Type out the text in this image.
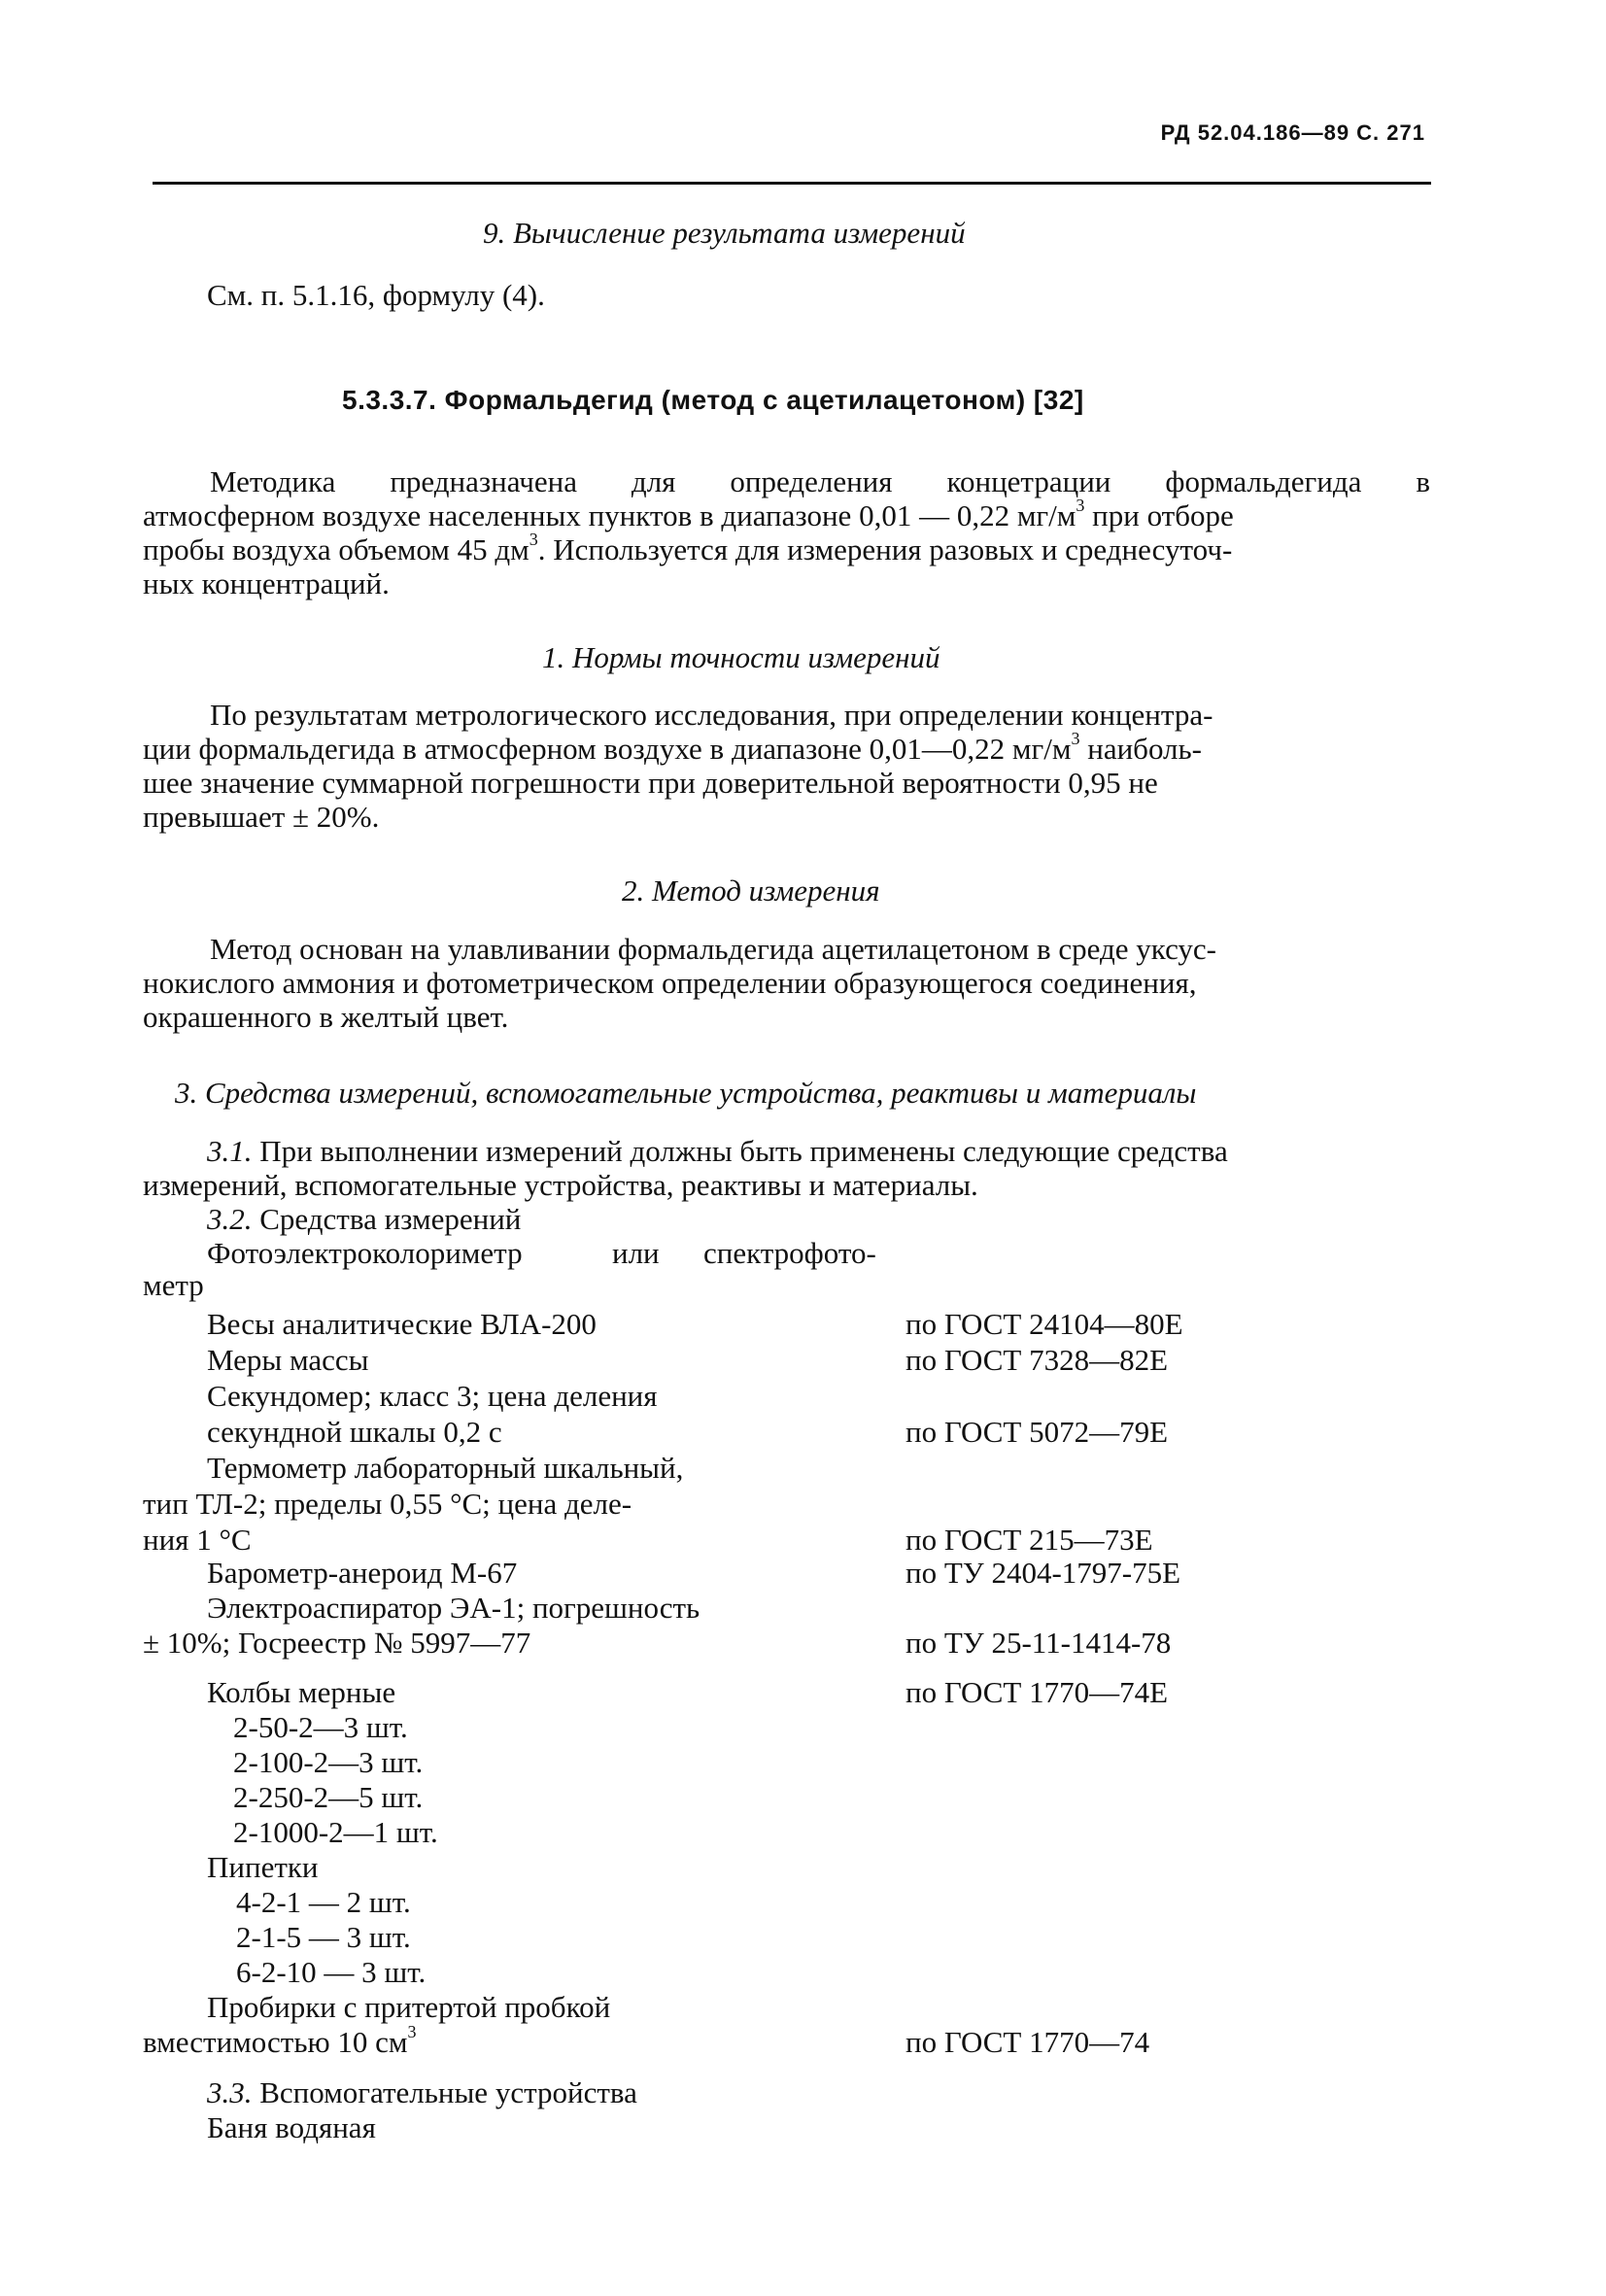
РД 52.04.186—89 С. 271
9. Вычисление результата измерений
См. п. 5.1.16, формулу (4).
5.3.3.7. Формальдегид (метод с ацетилацетоном) [32]
Методика предназначена для определения концетрации формальдегида в
атмосферном воздухе населенных пунктов в диапазоне 0,01 — 0,22 $мг/м^3$ при отборе
пробы воздуха объемом 45 $дм^3$. Используется для измерения разовых и среднесуточ-
ных концентраций.
1. Нормы точности измерений
По результатам метрологического исследования, при определении концентра-
ции формальдегида в атмосферном воздухе в диапазоне 0,01—0,22 $мг/м^3$ наиболь-
шее значение суммарной погрешности при доверительной вероятности 0,95 не
превышает ± 20%.
2. Метод измерения
Метод основан на улавливании формальдегида ацетилацетоном в среде уксус-
нокислого аммония и фотометрическом определении образующегося соединения,
окрашенного в желтый цвет.
3. Средства измерений, вспомогательные устройства, реактивы и материалы
3.1. При выполнении измерений должны быть применены следующие средства
измерений, вспомогательные устройства, реактивы и материалы.
3.2. Средства измерений
Фотоэлектроколориметр	или спектрофото-
метр
Весы аналитические ВЛА-200	по ГОСТ 24104—80Е
Меры массы	по ГОСТ 7328—82Е
Секундомер; класс 3; цена деления
секундной шкалы 0,2 с	по ГОСТ 5072—79Е
Термометр лабораторный шкальный,
тип ТЛ-2; пределы 0,55 °С; цена деле-
ния 1 °С	по ГОСТ 215—73Е
Барометр-анероид М-67	по ТУ 2404-1797-75Е
Электроаспиратор ЭА-1; погрешность
± 10%; Госреестр № 5997—77	по ТУ 25-11-1414-78
Колбы мерные	по ГОСТ 1770—74Е
2-50-2—3 шт.
2-100-2—3 шт.
2-250-2—5 шт.
2-1000-2—1 шт.
Пипетки
4-2-1 — 2 шт.
2-1-5 — 3 шт.
6-2-10 — 3 шт.
Пробирки с притертой пробкой
вместимостью 10 $см^3$	по ГОСТ 1770—74
3.3. Вспомогательные устройства
Баня водяная
